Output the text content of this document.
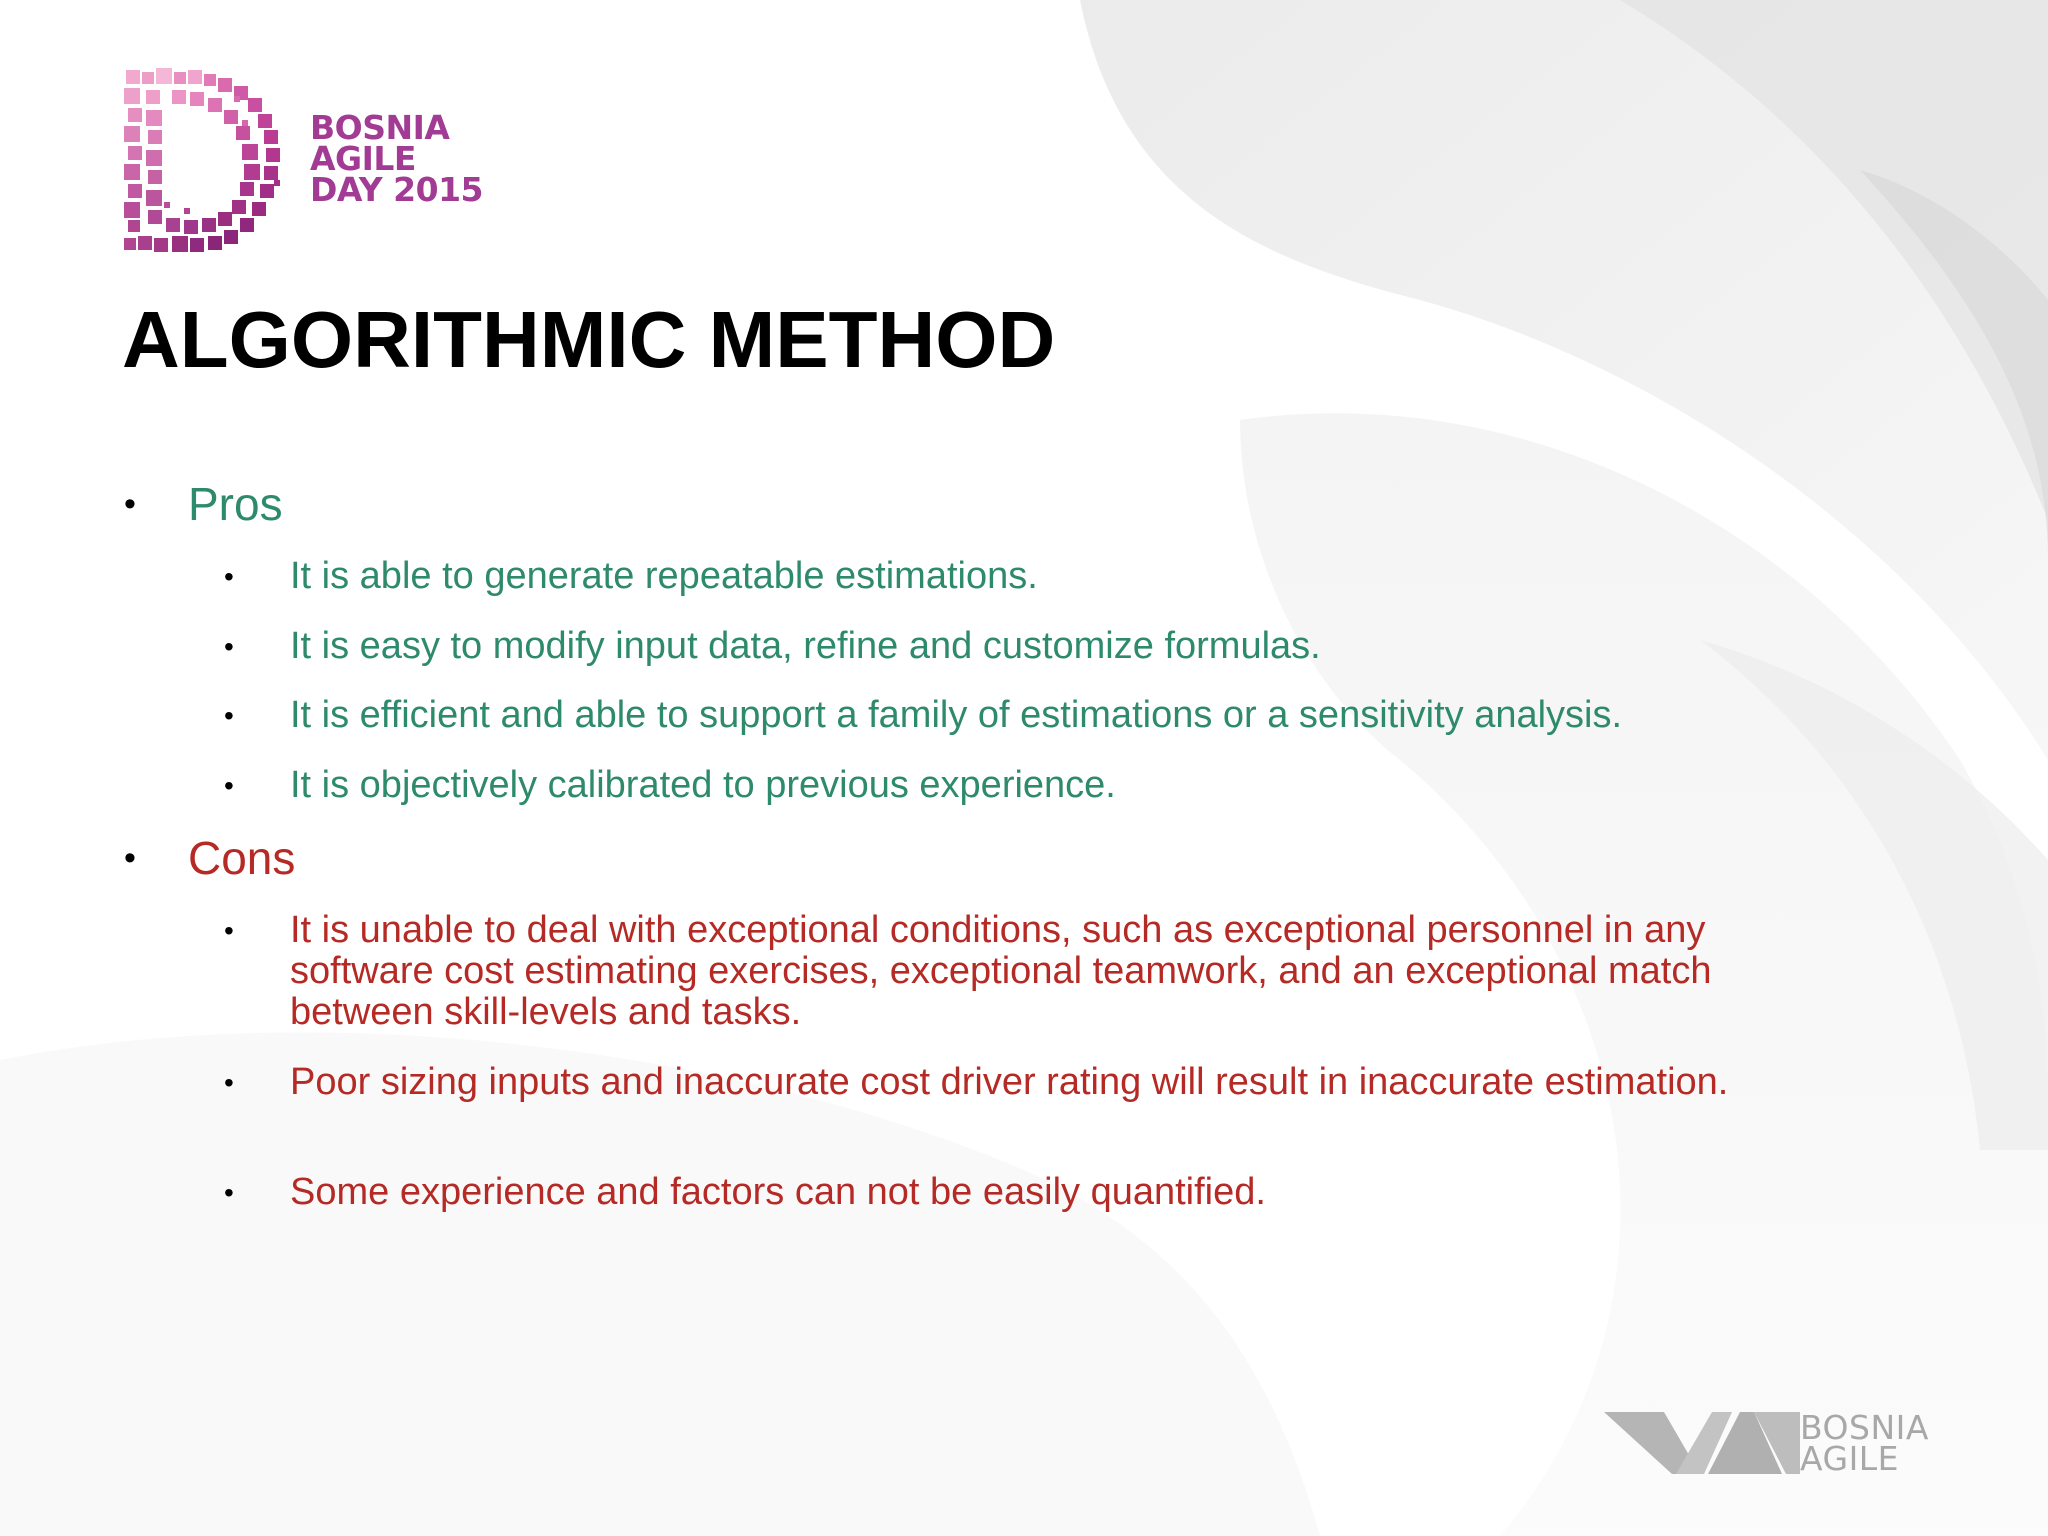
BOSNIA
AGILE
DAY 2015
ALGORITHMIC METHOD
• Pros
• It is able to generate repeatable estimations.
• It is easy to modify input data, refine and customize formulas.
• It is efficient and able to support a family of estimations or a sensitivity analysis.
• It is objectively calibrated to previous experience.
• Cons
• It is unable to deal with exceptional conditions, such as exceptional personnel in any software cost estimating exercises, exceptional teamwork, and an exceptional match between skill-levels and tasks.
• Poor sizing inputs and inaccurate cost driver rating will result in inaccurate estimation.
• Some experience and factors can not be easily quantified.
BOSNIA
AGILE
